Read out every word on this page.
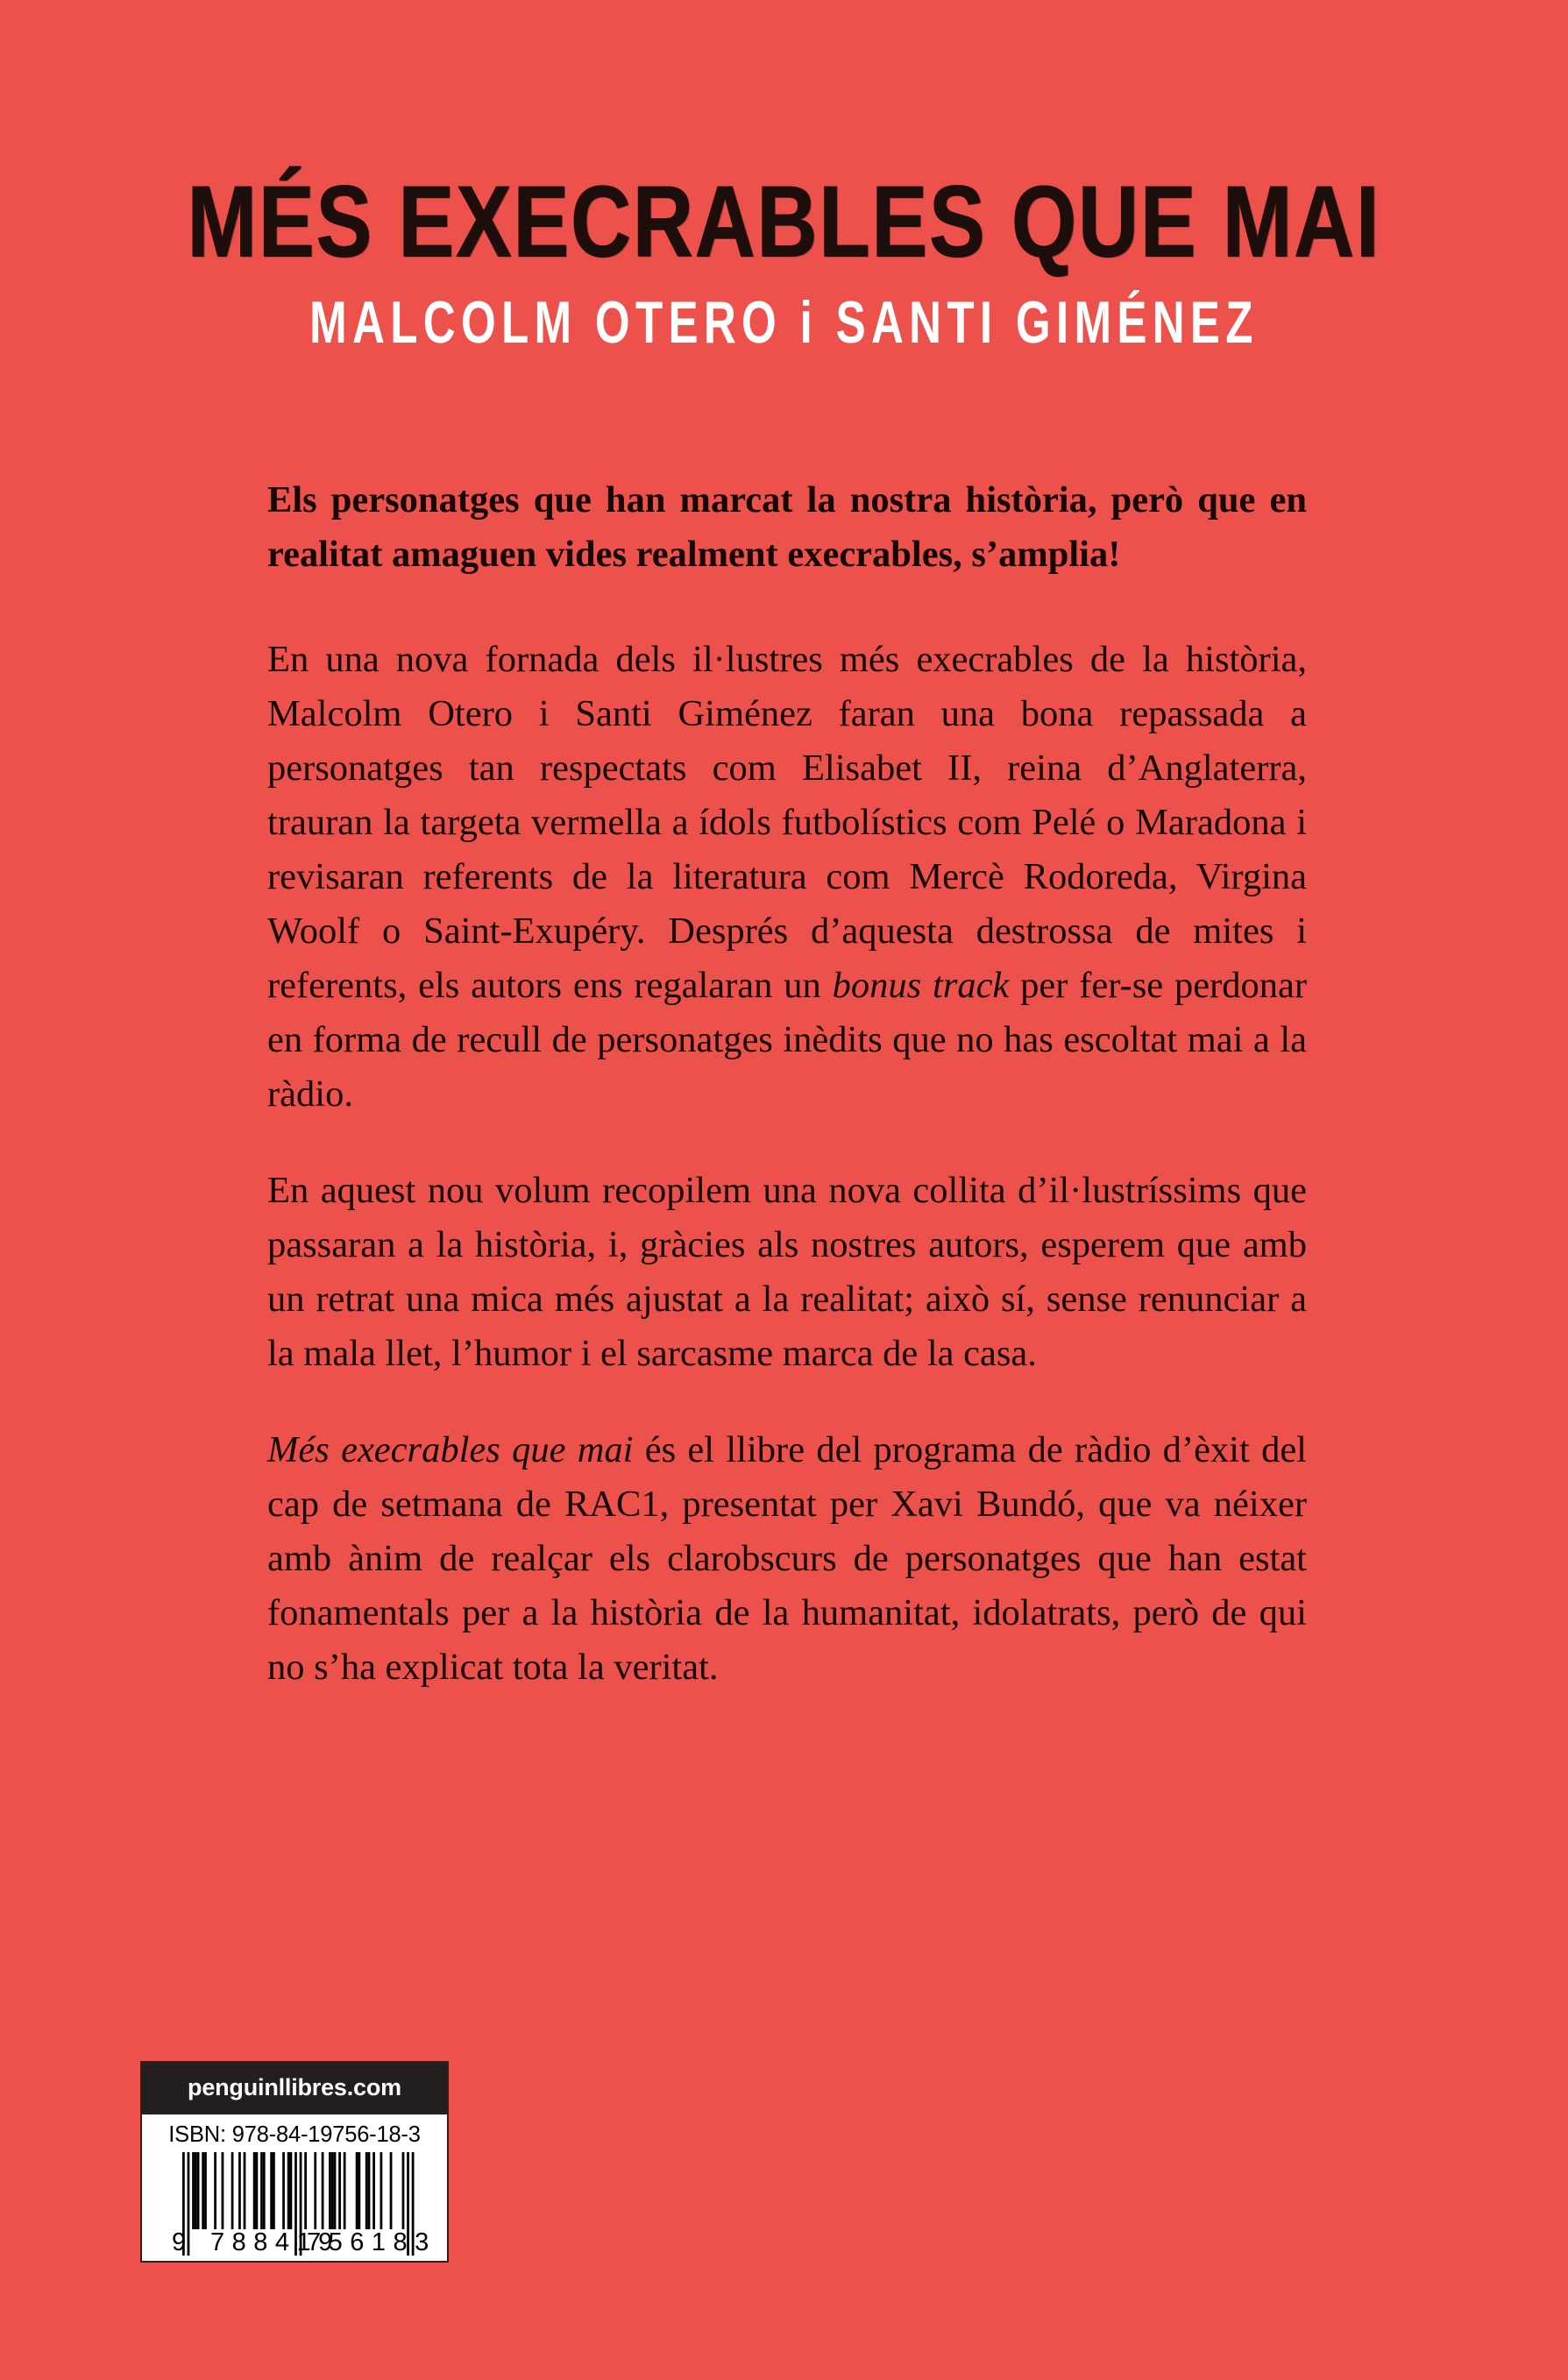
MÉS EXECRABLES QUE MAI
MALCOLM OTERO i SANTI GIMÉNEZ

Els personatges que han marcat la nostra història, però que en realitat amaguen vides realment execrables, s’amplia!

En una nova fornada dels il·lustres més execrables de la història, Malcolm Otero i Santi Giménez faran una bona repassada a personatges tan respectats com Elisabet II, reina d’Anglaterra, trauran la targeta vermella a ídols futbolístics com Pelé o Maradona i revisaran referents de la literatura com Mercè Rodoreda, Virgina Woolf o Saint-Exupéry. Després d’aquesta destrossa de mites i referents, els autors ens regalaran un bonus track per fer-se perdonar en forma de recull de personatges inèdits que no has escoltat mai a la ràdio.

En aquest nou volum recopilem una nova collita d’il·lustríssims que passaran a la història, i, gràcies als nostres autors, esperem que amb un retrat una mica més ajustat a la realitat; això sí, sense renunciar a la mala llet, l’humor i el sarcasme marca de la casa.

Més execrables que mai és el llibre del programa de ràdio d’èxit del cap de setmana de RAC1, presentat per Xavi Bundó, que va néixer amb ànim de realçar els clarobscurs de personatges que han estat fonamentals per a la història de la humanitat, idolatrats, però de qui no s’ha explicat tota la veritat.

penguinllibres.com
ISBN: 978-84-19756-18-3
9 788419
756183
